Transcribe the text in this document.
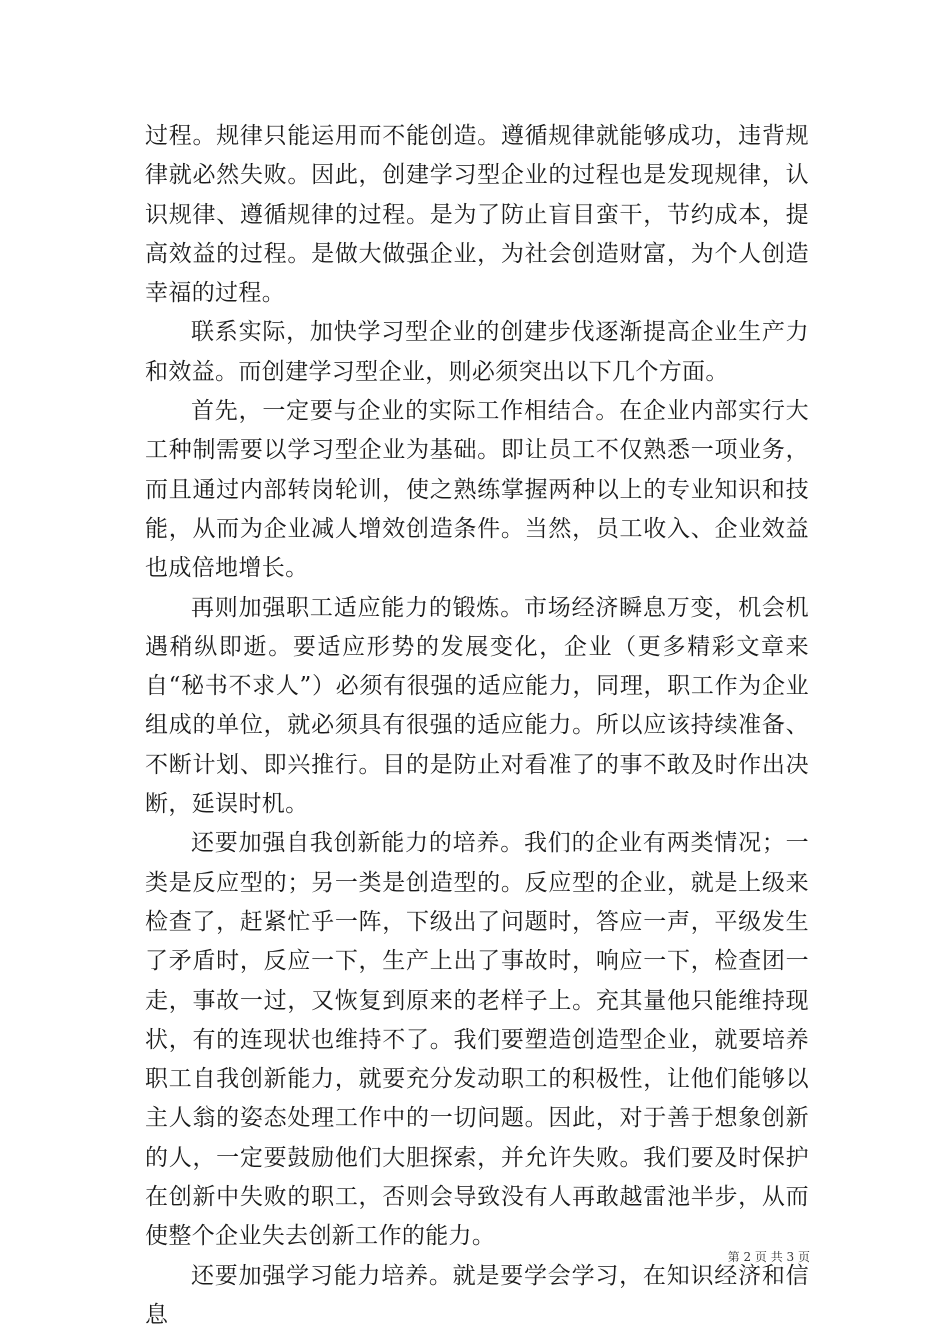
过程。规律只能运用而不能创造。遵循规律就能够成功，违背规律就必然失败。因此，创建学习型企业的过程也是发现规律，认识规律、遵循规律的过程。是为了防止盲目蛮干，节约成本，提高效益的过程。是做大做强企业，为社会创造财富，为个人创造幸福的过程。

联系实际，加快学习型企业的创建步伐逐渐提高企业生产力和效益。而创建学习型企业，则必须突出以下几个方面。

首先，一定要与企业的实际工作相结合。在企业内部实行大工种制需要以学习型企业为基础。即让员工不仅熟悉一项业务，而且通过内部转岗轮训，使之熟练掌握两种以上的专业知识和技能，从而为企业减人增效创造条件。当然，员工收入、企业效益也成倍地增长。

再则加强职工适应能力的锻炼。市场经济瞬息万变，机会机遇稍纵即逝。要适应形势的发展变化，企业（更多精彩文章来自“秘书不求人”）必须有很强的适应能力，同理，职工作为企业组成的单位，就必须具有很强的适应能力。所以应该持续准备、不断计划、即兴推行。目的是防止对看准了的事不敢及时作出决断，延误时机。

还要加强自我创新能力的培养。我们的企业有两类情况；一类是反应型的；另一类是创造型的。反应型的企业，就是上级来检查了，赶紧忙乎一阵，下级出了问题时，答应一声，平级发生了矛盾时，反应一下，生产上出了事故时，响应一下，检查团一走，事故一过，又恢复到原来的老样子上。充其量他只能维持现状，有的连现状也维持不了。我们要塑造创造型企业，就要培养职工自我创新能力，就要充分发动职工的积极性，让他们能够以主人翁的姿态处理工作中的一切问题。因此，对于善于想象创新的人，一定要鼓励他们大胆探索，并允许失败。我们要及时保护在创新中失败的职工，否则会导致没有人再敢越雷池半步，从而使整个企业失去创新工作的能力。

还要加强学习能力培养。就是要学会学习，在知识经济和信息

第 2 页 共 3 页
